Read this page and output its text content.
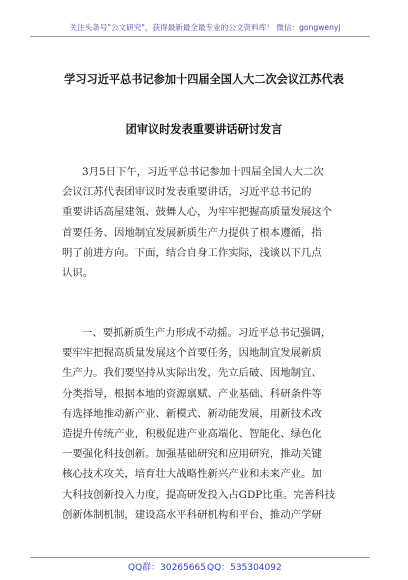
关注头条号"公文研究"，获得最新最全最专业的公文资料库！ 微信：gongwenyj
学习习近平总书记参加十四届全国人大二次会议江苏代表
团审议时发表重要讲话研讨发言
3月5日下午，习近平总书记参加十四届全国人大二次
会议江苏代表团审议时发表重要讲话，习近平总书记的
重要讲话高屋建瓴、鼓舞人心，为牢牢把握高质量发展这个
首要任务、因地制宜发展新质生产力提供了根本遵循，指
明了前进方向。下面，结合自身工作实际，浅谈以下几点
认识。
一、要抓新质生产力形成不动摇。习近平总书记强调，
要牢牢把握高质量发展这个首要任务，因地制宜发展新质
生产力。我们要坚持从实际出发，先立后破、因地制宜、
分类指导，根据本地的资源禀赋、产业基础、科研条件等
有选择地推动新产业、新模式、新动能发展，用新技术改
造提升传统产业，积极促进产业高端化、智能化、绿色化
一要强化科技创新。加强基础研究和应用研究，推动关键
核心技术攻关，培育壮大战略性新兴产业和未来产业。加
大科技创新投入力度，提高研发投入占GDP比重。完善科技
创新体制机制，建设高水平科研机构和平台，推动产学研
QQ群：30265665 QQ：535304092
